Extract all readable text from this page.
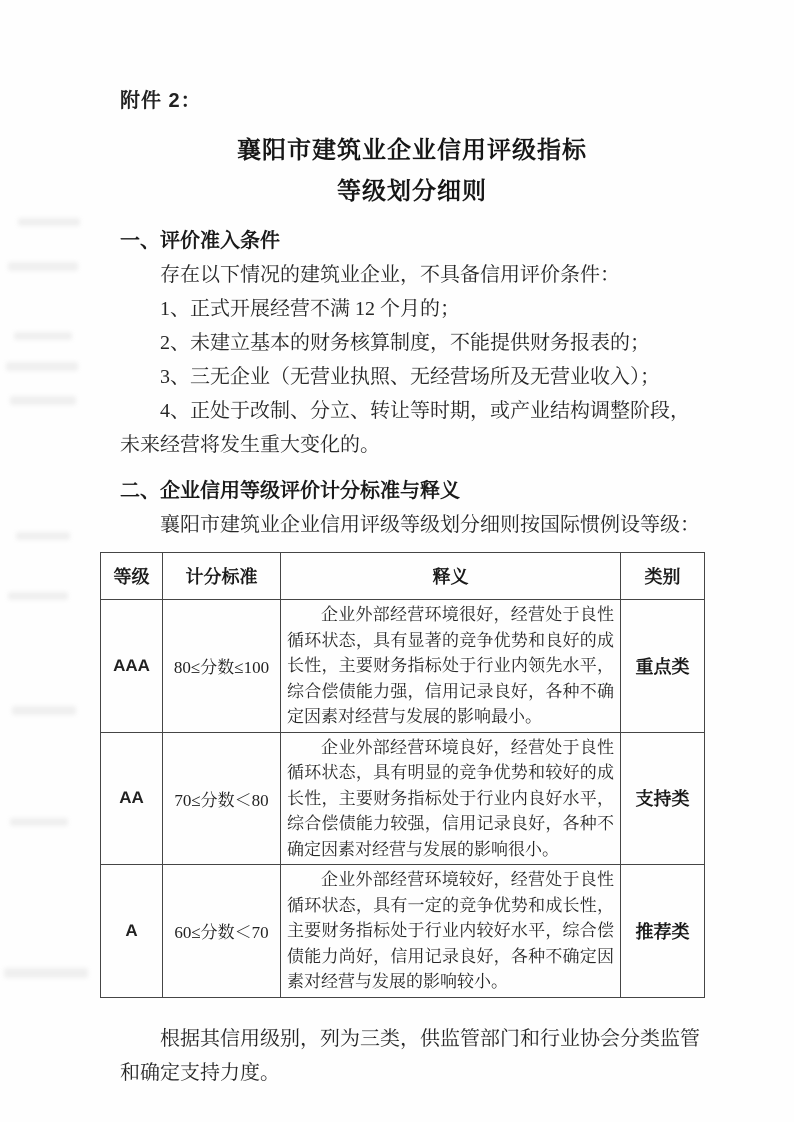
附件 2：

襄阳市建筑业企业信用评级指标
等级划分细则
一、评价准入条件

存在以下情况的建筑业企业，不具备信用评价条件：

1、正式开展经营不满 12 个月的；

2、未建立基本的财务核算制度，不能提供财务报表的；

3、三无企业（无营业执照、无经营场所及无营业收入）；

4、正处于改制、分立、转让等时期，或产业结构调整阶段，未来经营将发生重大变化的。

二、企业信用等级评价计分标准与释义

襄阳市建筑业企业信用评级等级划分细则按国际惯例设等级：

等级	计分标准	释义	类别
AAA	80≤分数≤100	企业外部经营环境很好，经营处于良性循环状态，具有显著的竞争优势和良好的成长性，主要财务指标处于行业内领先水平，综合偿债能力强，信用记录良好，各种不确定因素对经营与发展的影响最小。	重点类
AA	70≤分数＜80	企业外部经营环境良好，经营处于良性循环状态，具有明显的竞争优势和较好的成长性，主要财务指标处于行业内良好水平，综合偿债能力较强，信用记录良好，各种不确定因素对经营与发展的影响很小。	支持类
A	60≤分数＜70	企业外部经营环境较好，经营处于良性循环状态，具有一定的竞争优势和成长性，主要财务指标处于行业内较好水平，综合偿债能力尚好，信用记录良好，各种不确定因素对经营与发展的影响较小。	推荐类

根据其信用级别，列为三类，供监管部门和行业协会分类监管和确定支持力度。
